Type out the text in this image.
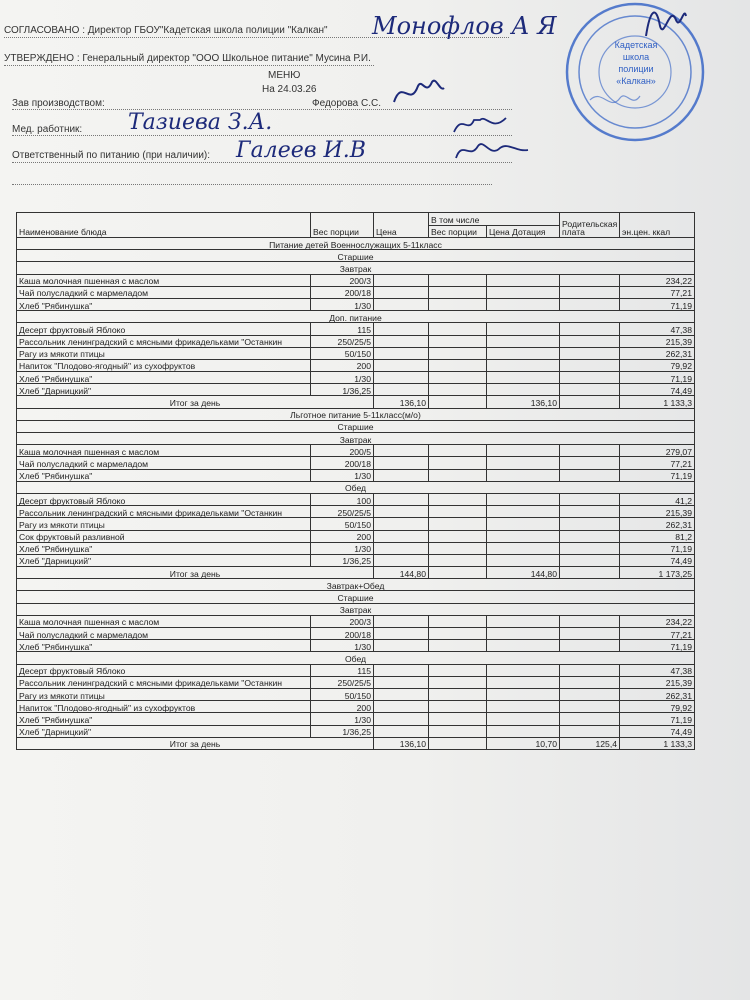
СОГЛАСОВАНО : Директор ГБОУ"Кадетская школа полиции "Калкан"
УТВЕРЖДЕНО : Генеральный директор "ООО Школьное питание" Мусина Р.И.
МЕНЮ
На 24.03.26
Зав производством:	Федорова С.С.
Мед. работник:
Ответственный по питанию (при наличии):
Монофлов А Я
Тазиева З.А.
Галеев И.В
Кадетская
школа
полиции
«Калкан»
Наименование блюда	Вес порции	Цена	В том числе		Родительская плата	эн.цен. ккал
			Вес порции	Цена Дотация		
Питание детей Военнослужащих 5-11класс						
Старшие						
Завтрак						
Каша молочная пшенная с маслом	200/3					234,22
Чай полусладкий с мармеладом	200/18					77,21
Хлеб "Рябинушка"	1/30					71,19
Доп. питание						
Десерт фруктовый Яблоко	115					47,38
Рассольник ленинградский с мясными фрикадельками "Останкин	250/25/5					215,39
Рагу из мякоти птицы	50/150					262,31
Напиток "Плодово-ягодный" из сухофруктов	200					79,92
Хлеб "Рябинушка"	1/30					71,19
Хлеб "Дарницкий"	1/36,25					74,49
Итог за день		136,10		136,10		1 133,3
Льготное питание 5-11класс(м/о)						
Старшие						
Завтрак						
Каша молочная пшенная с маслом	200/5					279,07
Чай полусладкий с мармеладом	200/18					77,21
Хлеб "Рябинушка"	1/30					71,19
Обед						
Десерт фруктовый Яблоко	100					41,2
Рассольник ленинградский с мясными фрикадельками "Останкин	250/25/5					215,39
Рагу из мякоти птицы	50/150					262,31
Сок фруктовый разливной	200					81,2
Хлеб "Рябинушка"	1/30					71,19
Хлеб "Дарницкий"	1/36,25					74,49
Итог за день		144,80		144,80		1 173,25
Завтрак+Обед						
Старшие						
Завтрак						
Каша молочная пшенная с маслом	200/3					234,22
Чай полусладкий с мармеладом	200/18					77,21
Хлеб "Рябинушка"	1/30					71,19
Обед						
Десерт фруктовый Яблоко	115					47,38
Рассольник ленинградский с мясными фрикадельками "Останкин	250/25/5					215,39
Рагу из мякоти птицы	50/150					262,31
Напиток "Плодово-ягодный" из сухофруктов	200					79,92
Хлеб "Рябинушка"	1/30					71,19
Хлеб "Дарницкий"	1/36,25					74,49
Итог за день		136,10		10,70	125,4	1 133,3
